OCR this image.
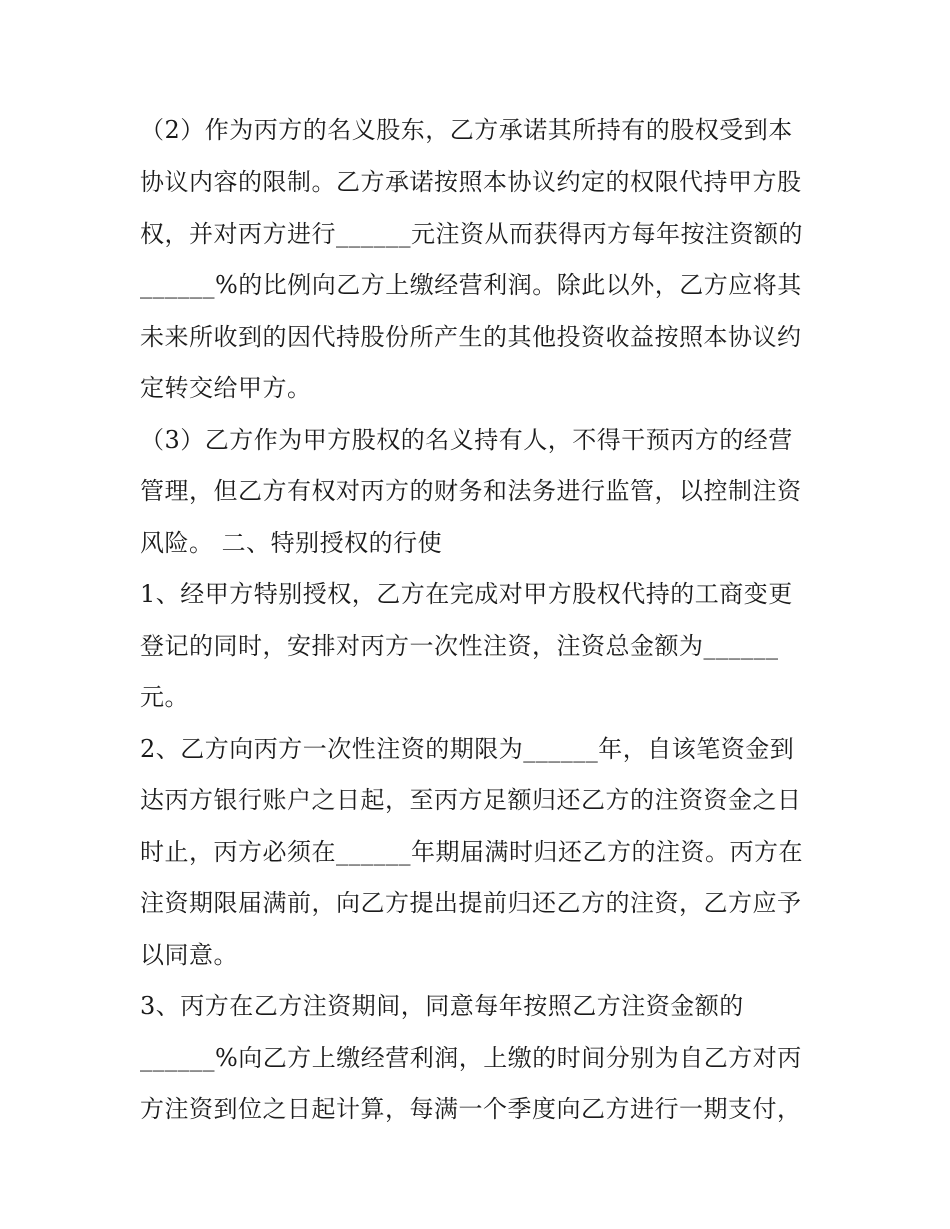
（2）作为丙方的名义股东，乙方承诺其所持有的股权受到本
协议内容的限制。乙方承诺按照本协议约定的权限代持甲方股
权，并对丙方进行______元注资从而获得丙方每年按注资额的
______%的比例向乙方上缴经营利润。除此以外，乙方应将其
未来所收到的因代持股份所产生的其他投资收益按照本协议约
定转交给甲方。
（3）乙方作为甲方股权的名义持有人，不得干预丙方的经营
管理，但乙方有权对丙方的财务和法务进行监管，以控制注资
风险。 二、特别授权的行使
1、经甲方特别授权，乙方在完成对甲方股权代持的工商变更
登记的同时，安排对丙方一次性注资，注资总金额为______
元。
2、乙方向丙方一次性注资的期限为______年，自该笔资金到
达丙方银行账户之日起，至丙方足额归还乙方的注资资金之日
时止，丙方必须在______年期届满时归还乙方的注资。丙方在
注资期限届满前，向乙方提出提前归还乙方的注资，乙方应予
以同意。
3、丙方在乙方注资期间，同意每年按照乙方注资金额的
______%向乙方上缴经营利润，上缴的时间分别为自乙方对丙
方注资到位之日起计算，每满一个季度向乙方进行一期支付，
